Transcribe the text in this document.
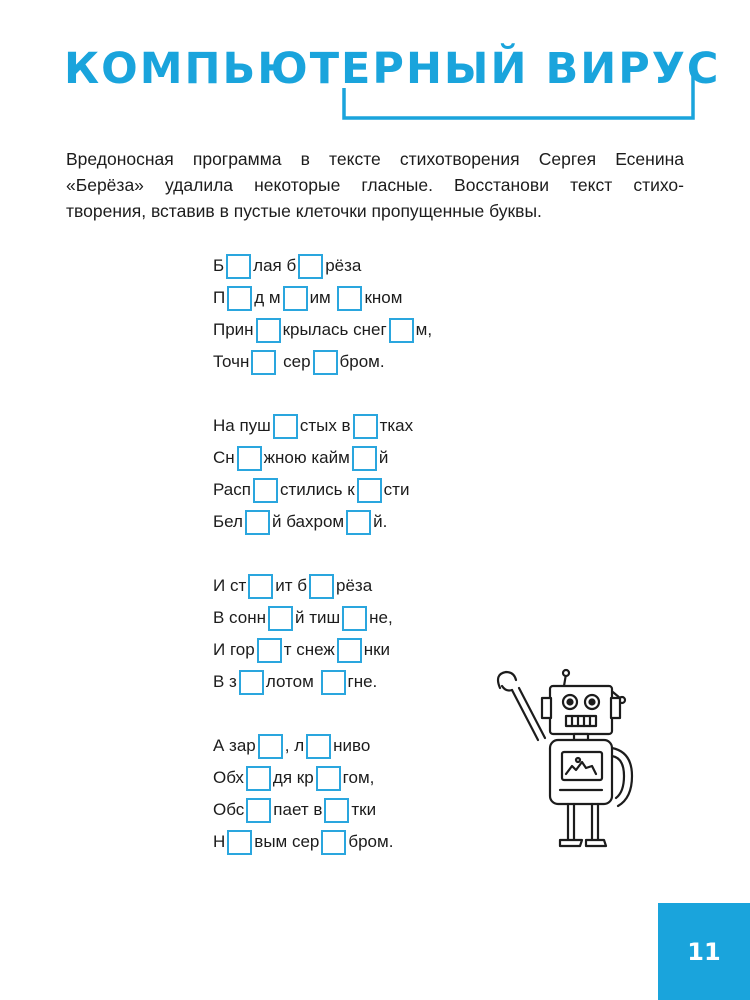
КОМПЬЮТЕРНЫЙ ВИРУС

Вредоносная программа в тексте стихотворения Сергея Есенина
«Берёза» удалила некоторые гласные. Восстанови текст стихо-
творения, вставив в пустые клеточки пропущенные буквы.

Б лая б рёза
П д м им кном
Прин крылась снег м,
Точн сер бром.
На пуш стых в тках
Сн жною кайм й
Расп стились к сти
Бел й бахром й.
И ст ит б рёза
В сонн й тиш не,
И гор т снеж нки
В з лотом гне.
А зар , л ниво
Обх дя кр гом,
Обс пает в тки
Н вым сер бром.
11
